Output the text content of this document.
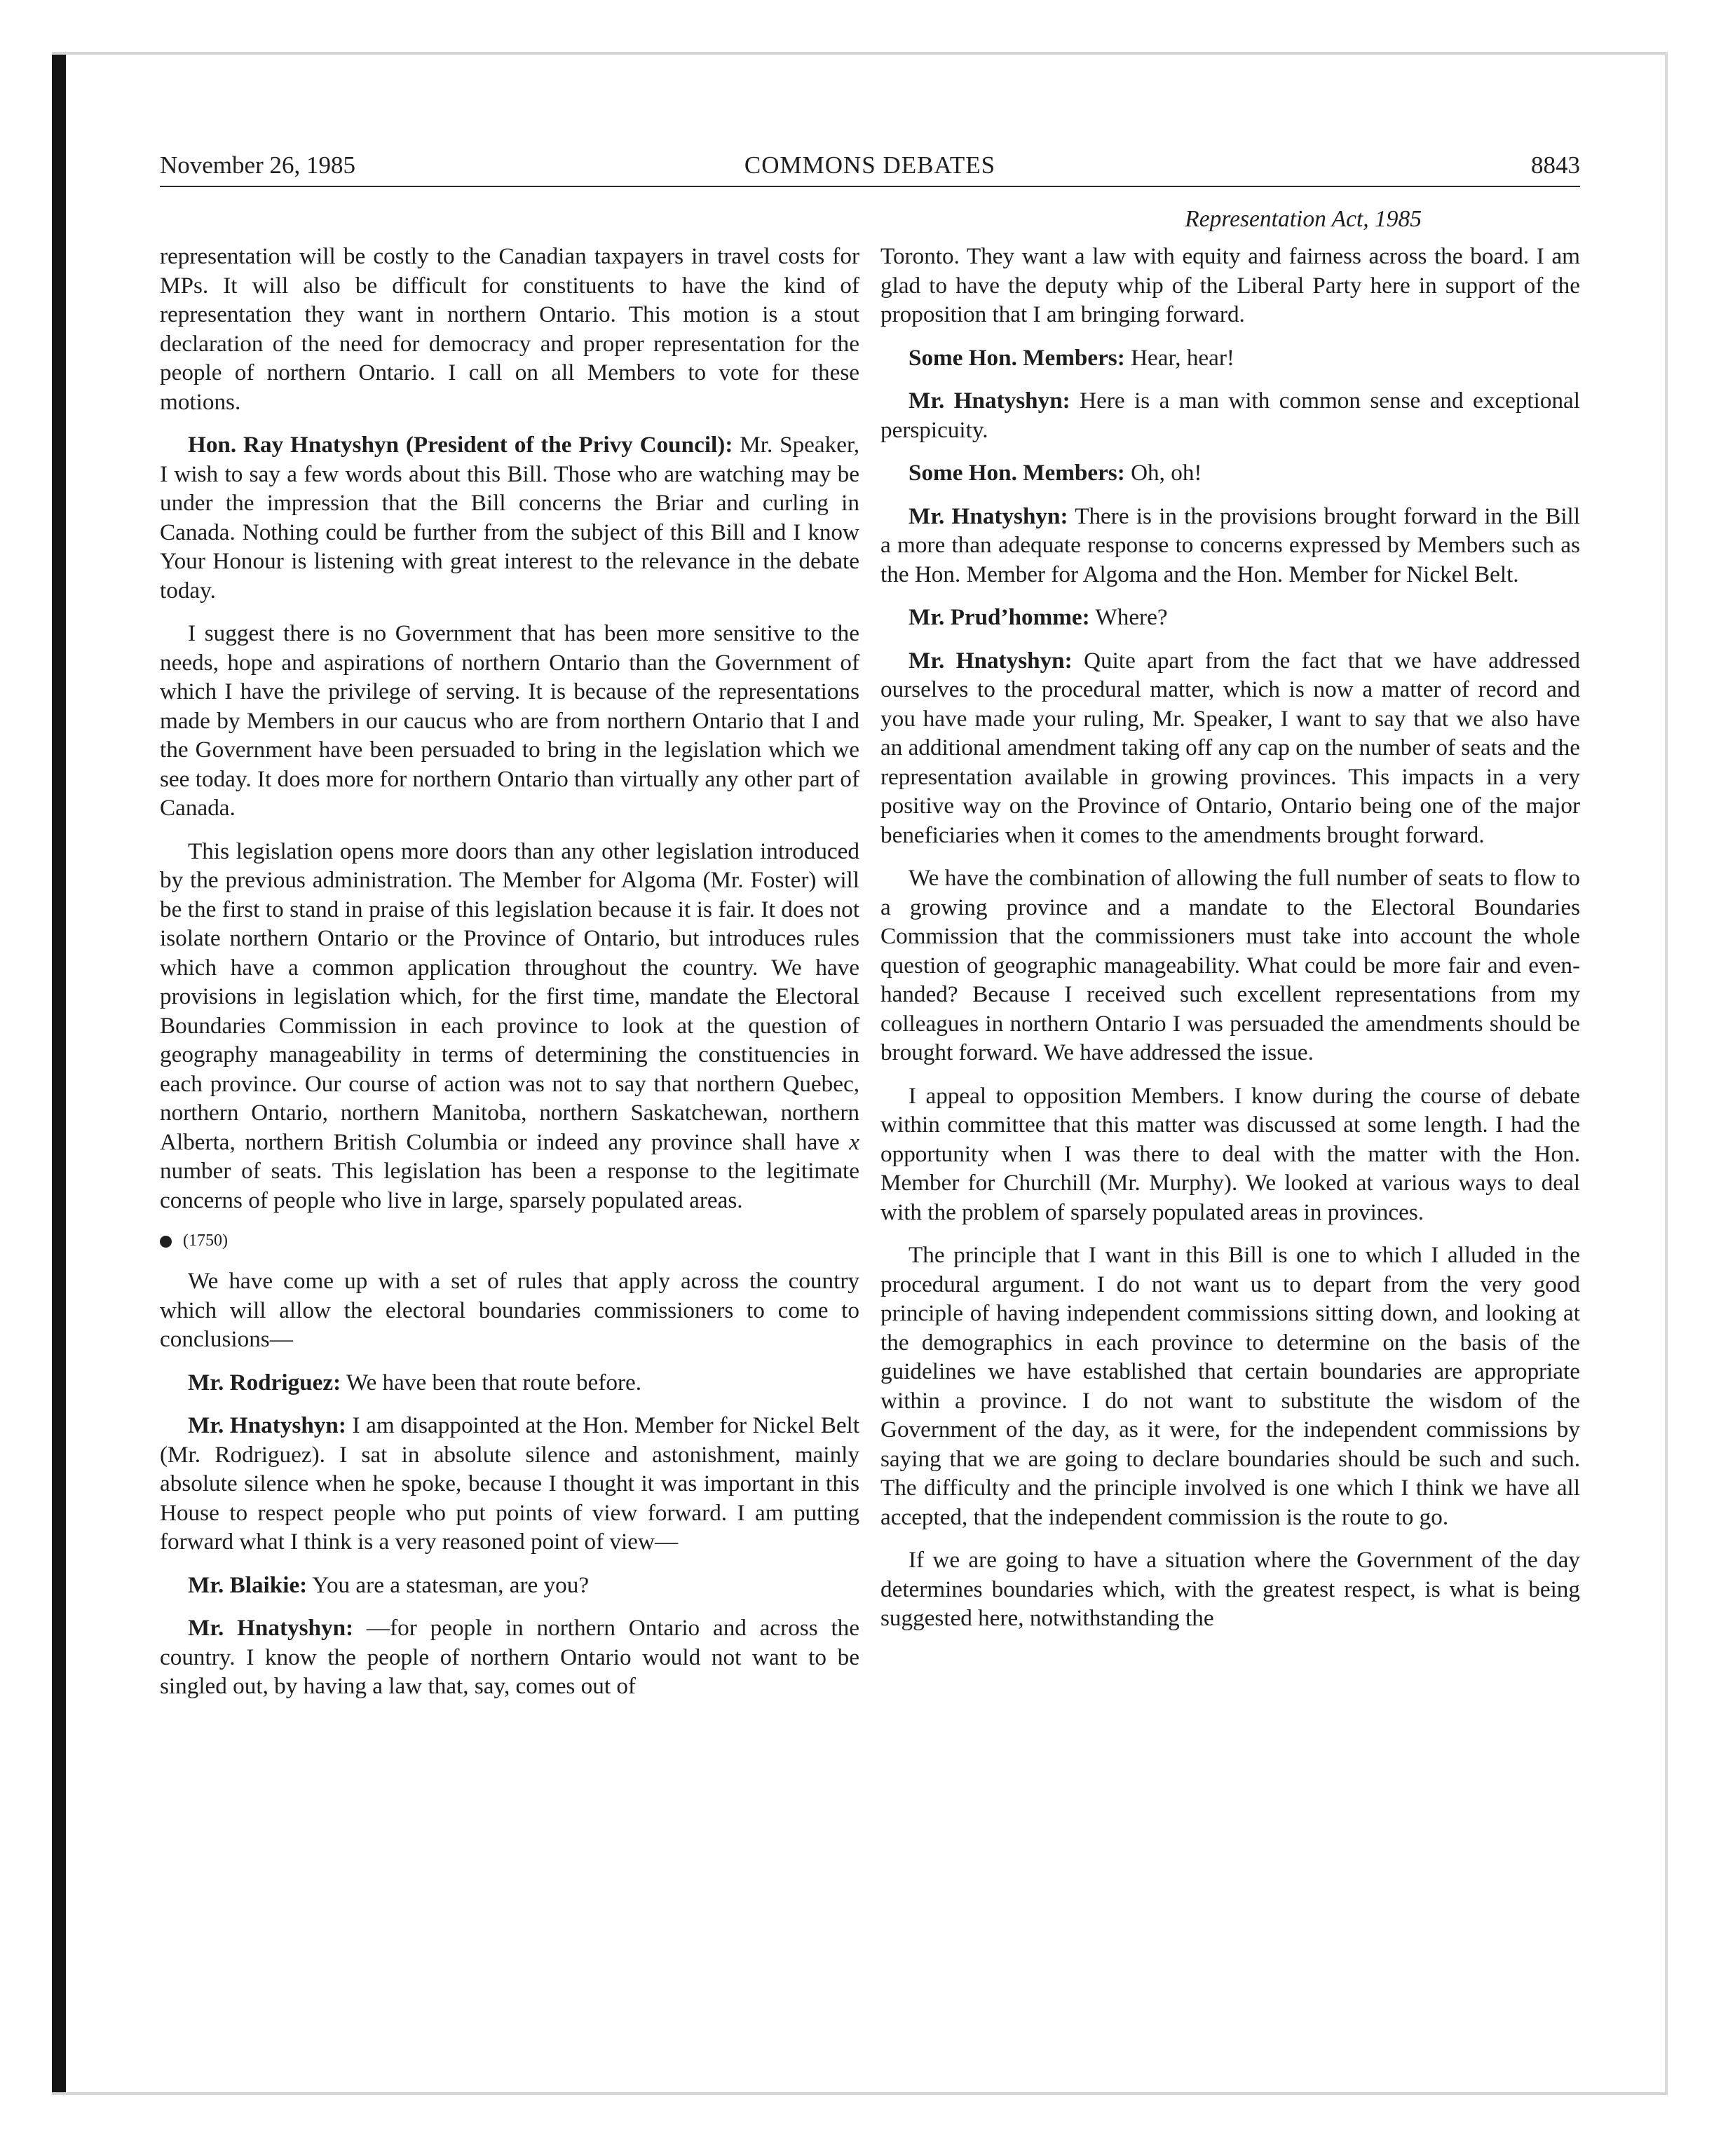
November 26, 1985	COMMONS DEBATES	8843
Representation Act, 1985

representation will be costly to the Canadian taxpayers in travel costs for MPs. It will also be difficult for constituents to have the kind of representation they want in northern Ontario. This motion is a stout declaration of the need for democracy and proper representation for the people of northern Ontario. I call on all Members to vote for these motions.

Hon. Ray Hnatyshyn (President of the Privy Council): Mr. Speaker, I wish to say a few words about this Bill. Those who are watching may be under the impression that the Bill concerns the Briar and curling in Canada. Nothing could be further from the subject of this Bill and I know Your Honour is listening with great interest to the relevance in the debate today.

I suggest there is no Government that has been more sensitive to the needs, hope and aspirations of northern Ontario than the Government of which I have the privilege of serving. It is because of the representations made by Members in our caucus who are from northern Ontario that I and the Government have been persuaded to bring in the legislation which we see today. It does more for northern Ontario than virtually any other part of Canada.

This legislation opens more doors than any other legislation introduced by the previous administration. The Member for Algoma (Mr. Foster) will be the first to stand in praise of this legislation because it is fair. It does not isolate northern Ontario or the Province of Ontario, but introduces rules which have a common application throughout the country. We have provisions in legislation which, for the first time, mandate the Electoral Boundaries Commission in each province to look at the question of geography manageability in terms of determining the constituencies in each province. Our course of action was not to say that northern Quebec, northern Ontario, northern Manitoba, northern Saskatchewan, northern Alberta, northern British Columbia or indeed any province shall have x number of seats. This legislation has been a response to the legitimate concerns of people who live in large, sparsely populated areas.

(1750)

We have come up with a set of rules that apply across the country which will allow the electoral boundaries commissioners to come to conclusions—

Mr. Rodriguez: We have been that route before.

Mr. Hnatyshyn: I am disappointed at the Hon. Member for Nickel Belt (Mr. Rodriguez). I sat in absolute silence and astonishment, mainly absolute silence when he spoke, because I thought it was important in this House to respect people who put points of view forward. I am putting forward what I think is a very reasoned point of view—

Mr. Blaikie: You are a statesman, are you?

Mr. Hnatyshyn: —for people in northern Ontario and across the country. I know the people of northern Ontario would not want to be singled out, by having a law that, say, comes out of

Toronto. They want a law with equity and fairness across the board. I am glad to have the deputy whip of the Liberal Party here in support of the proposition that I am bringing forward.

Some Hon. Members: Hear, hear!

Mr. Hnatyshyn: Here is a man with common sense and exceptional perspicuity.

Some Hon. Members: Oh, oh!

Mr. Hnatyshyn: There is in the provisions brought forward in the Bill a more than adequate response to concerns expressed by Members such as the Hon. Member for Algoma and the Hon. Member for Nickel Belt.

Mr. Prud’homme: Where?

Mr. Hnatyshyn: Quite apart from the fact that we have addressed ourselves to the procedural matter, which is now a matter of record and you have made your ruling, Mr. Speaker, I want to say that we also have an additional amendment taking off any cap on the number of seats and the representation available in growing provinces. This impacts in a very positive way on the Province of Ontario, Ontario being one of the major beneficiaries when it comes to the amendments brought forward.

We have the combination of allowing the full number of seats to flow to a growing province and a mandate to the Electoral Boundaries Commission that the commissioners must take into account the whole question of geographic manageability. What could be more fair and even-handed? Because I received such excellent representations from my colleagues in northern Ontario I was persuaded the amendments should be brought forward. We have addressed the issue.

I appeal to opposition Members. I know during the course of debate within committee that this matter was discussed at some length. I had the opportunity when I was there to deal with the matter with the Hon. Member for Churchill (Mr. Murphy). We looked at various ways to deal with the problem of sparsely populated areas in provinces.

The principle that I want in this Bill is one to which I alluded in the procedural argument. I do not want us to depart from the very good principle of having independent commissions sitting down, and looking at the demographics in each province to determine on the basis of the guidelines we have established that certain boundaries are appropriate within a province. I do not want to substitute the wisdom of the Government of the day, as it were, for the independent commissions by saying that we are going to declare boundaries should be such and such. The difficulty and the principle involved is one which I think we have all accepted, that the independent commission is the route to go.

If we are going to have a situation where the Government of the day determines boundaries which, with the greatest respect, is what is being suggested here, notwithstanding the
